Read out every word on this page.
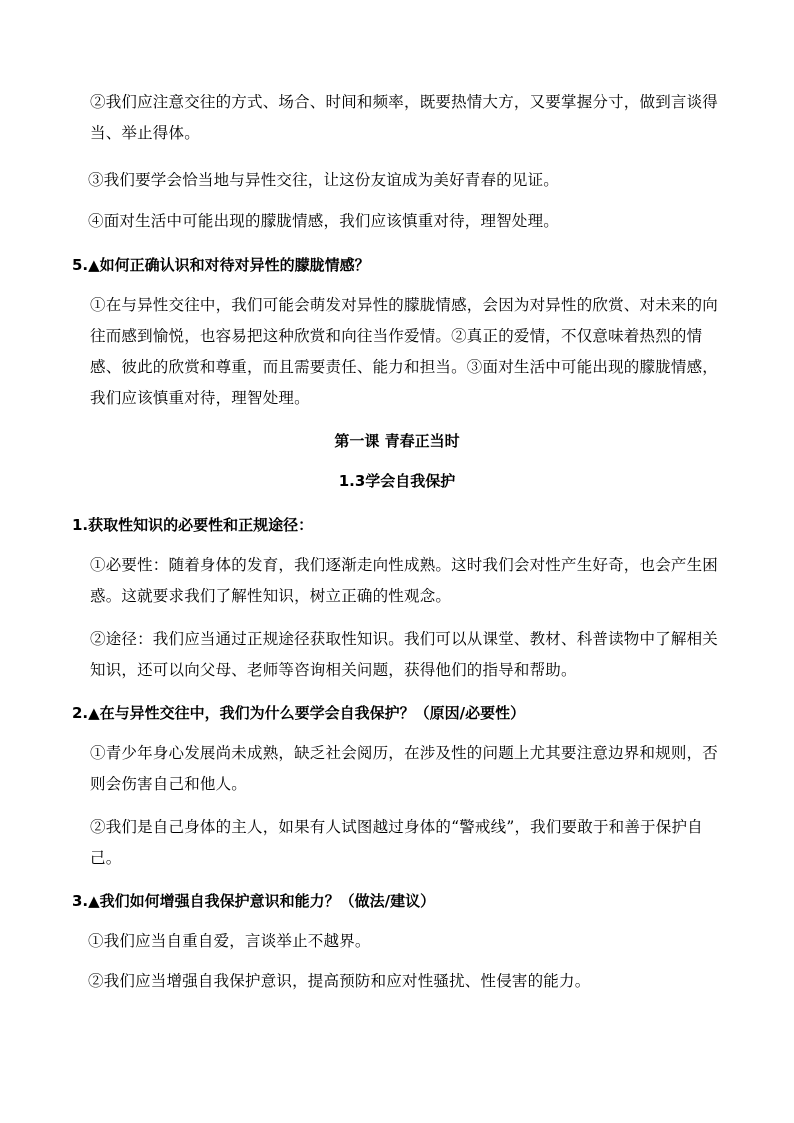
②我们应注意交往的方式、场合、时间和频率，既要热情大方，又要掌握分寸，做到言谈得当、举止得体。

③我们要学会恰当地与异性交往，让这份友谊成为美好青春的见证。

④面对生活中可能出现的朦胧情感，我们应该慎重对待，理智处理。

5.▲如何正确认识和对待对异性的朦胧情感？

①在与异性交往中，我们可能会萌发对异性的朦胧情感，会因为对异性的欣赏、对未来的向往而感到愉悦，也容易把这种欣赏和向往当作爱情。②真正的爱情，不仅意味着热烈的情感、彼此的欣赏和尊重，而且需要责任、能力和担当。③面对生活中可能出现的朦胧情感，我们应该慎重对待，理智处理。

第一课 青春正当时

1.3学会自我保护

1.获取性知识的必要性和正规途径：

①必要性：随着身体的发育，我们逐渐走向性成熟。这时我们会对性产生好奇，也会产生困惑。这就要求我们了解性知识，树立正确的性观念。

②途径：我们应当通过正规途径获取性知识。我们可以从课堂、教材、科普读物中了解相关知识，还可以向父母、老师等咨询相关问题，获得他们的指导和帮助。

2.▲在与异性交往中，我们为什么要学会自我保护？（原因/必要性）

①青少年身心发展尚未成熟，缺乏社会阅历，在涉及性的问题上尤其要注意边界和规则，否则会伤害自己和他人。

②我们是自己身体的主人，如果有人试图越过身体的“警戒线”，我们要敢于和善于保护自己。

3.▲我们如何增强自我保护意识和能力？（做法/建议）

①我们应当自重自爱，言谈举止不越界。

②我们应当增强自我保护意识，提高预防和应对性骚扰、性侵害的能力。
